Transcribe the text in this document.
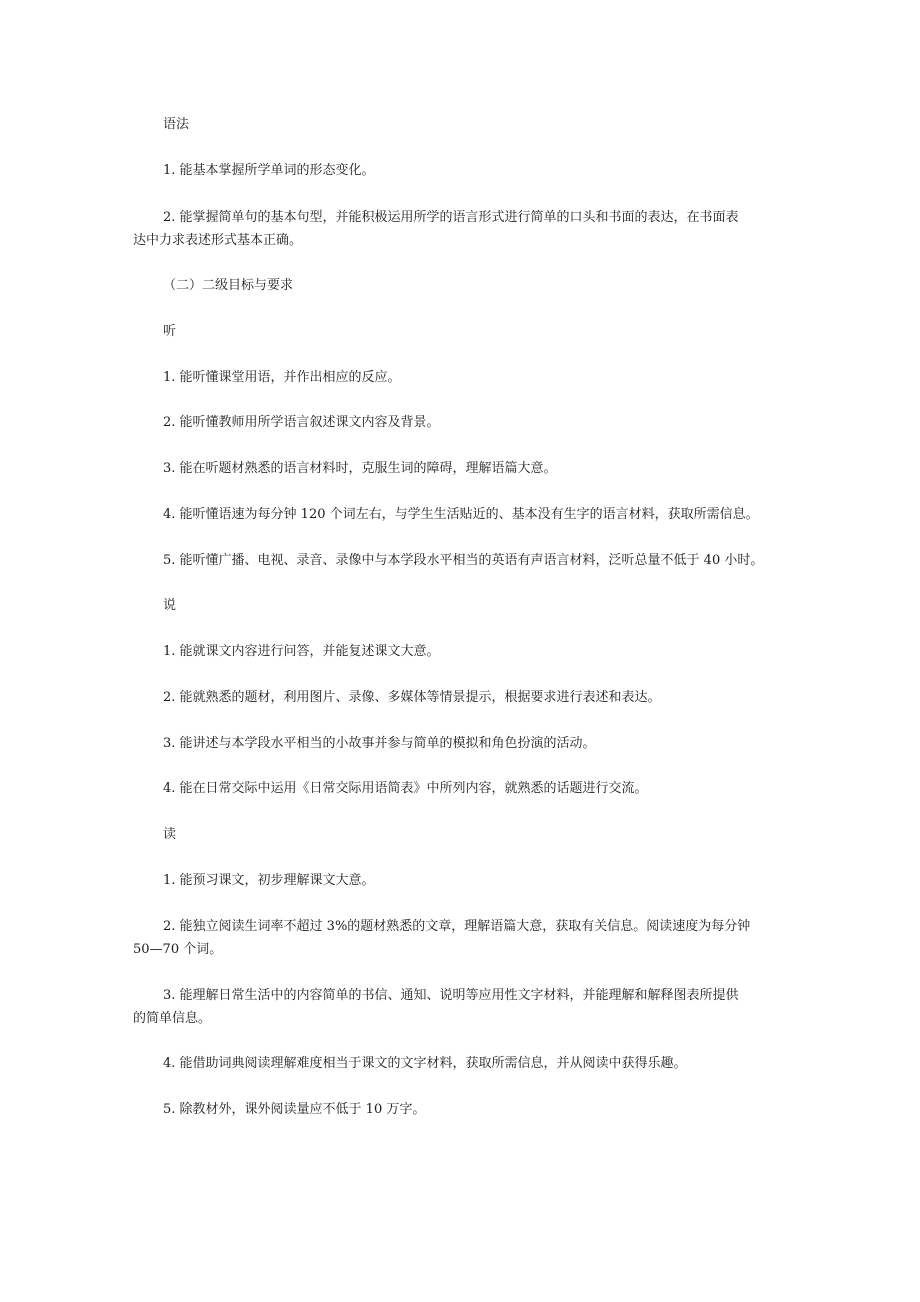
语法
1. 能基本掌握所学单词的形态变化。
2. 能掌握简单句的基本句型，并能积极运用所学的语言形式进行简单的口头和书面的表达，在书面表
达中力求表述形式基本正确。
（二）二级目标与要求
听
1. 能听懂课堂用语，并作出相应的反应。
2. 能听懂教师用所学语言叙述课文内容及背景。
3. 能在听题材熟悉的语言材料时，克服生词的障碍，理解语篇大意。
4. 能听懂语速为每分钟 120 个词左右，与学生生活贴近的、基本没有生字的语言材料，获取所需信息。
5. 能听懂广播、电视、录音、录像中与本学段水平相当的英语有声语言材料，泛听总量不低于 40 小时。
说
1. 能就课文内容进行问答，并能复述课文大意。
2. 能就熟悉的题材，利用图片、录像、多媒体等情景提示，根据要求进行表述和表达。
3. 能讲述与本学段水平相当的小故事并参与简单的模拟和角色扮演的活动。
4. 能在日常交际中运用《日常交际用语简表》中所列内容，就熟悉的话题进行交流。
读
1. 能预习课文，初步理解课文大意。
2. 能独立阅读生词率不超过 3%的题材熟悉的文章，理解语篇大意，获取有关信息。阅读速度为每分钟
50—70 个词。
3. 能理解日常生活中的内容简单的书信、通知、说明等应用性文字材料，并能理解和解释图表所提供
的简单信息。
4. 能借助词典阅读理解难度相当于课文的文字材料，获取所需信息，并从阅读中获得乐趣。
5. 除教材外，课外阅读量应不低于 10 万字。
